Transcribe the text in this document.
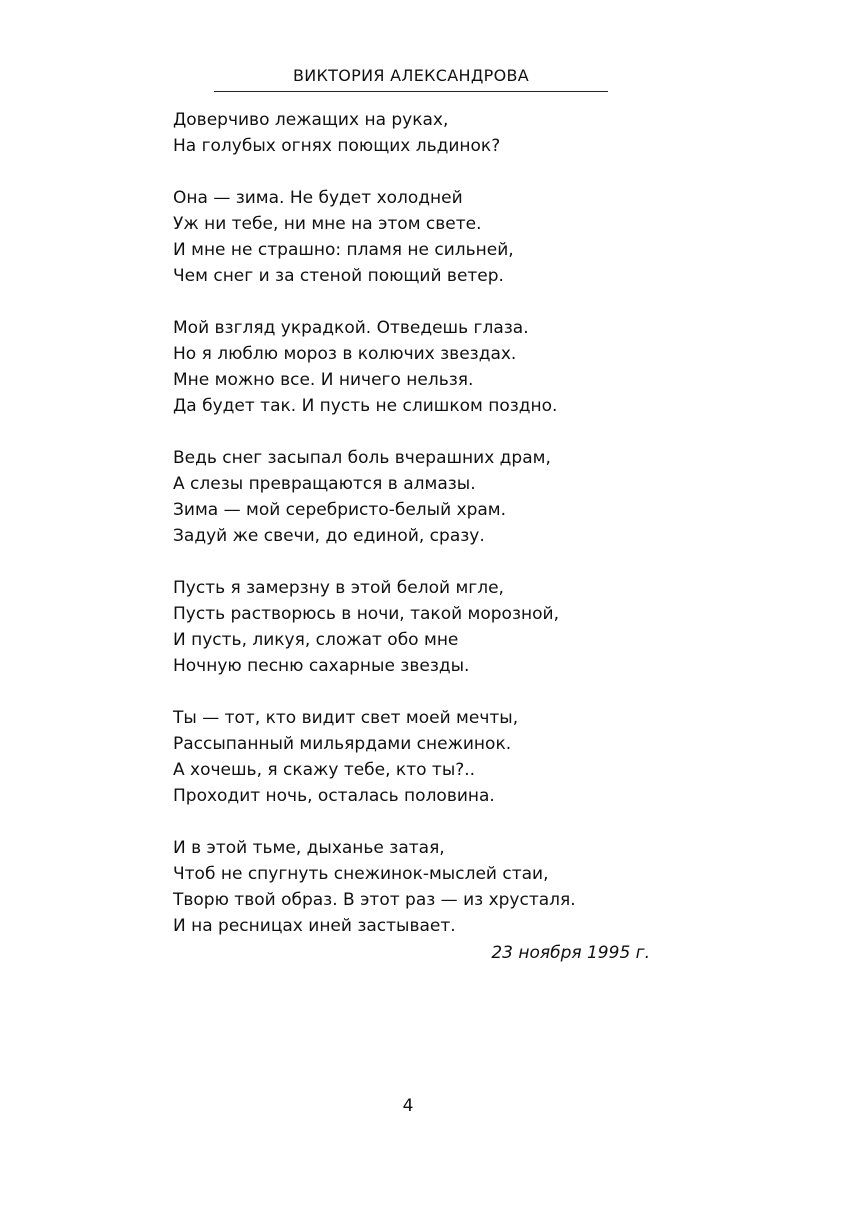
ВИКТОРИЯ АЛЕКСАНДРОВА
Доверчиво лежащих на руках,
На голубых огнях поющих льдинок?
Она — зима. Не будет холодней
Уж ни тебе, ни мне на этом свете.
И мне не страшно: пламя не сильней,
Чем снег и за стеной поющий ветер.
Мой взгляд украдкой. Отведешь глаза.
Но я люблю мороз в колючих звездах.
Мне можно все. И ничего нельзя.
Да будет так. И пусть не слишком поздно.
Ведь снег засыпал боль вчерашних драм,
А слезы превращаются в алмазы.
Зима — мой серебристо-белый храм.
Задуй же свечи, до единой, сразу.
Пусть я замерзну в этой белой мгле,
Пусть растворюсь в ночи, такой морозной,
И пусть, ликуя, сложат обо мне
Ночную песню сахарные звезды.
Ты — тот, кто видит свет моей мечты,
Рассыпанный мильярдами снежинок.
А хочешь, я скажу тебе, кто ты?..
Проходит ночь, осталась половина.
И в этой тьме, дыханье затая,
Чтоб не спугнуть снежинок-мыслей стаи,
Творю твой образ. В этот раз — из хрусталя.
И на ресницах иней застывает.
23 ноября 1995 г.
4
